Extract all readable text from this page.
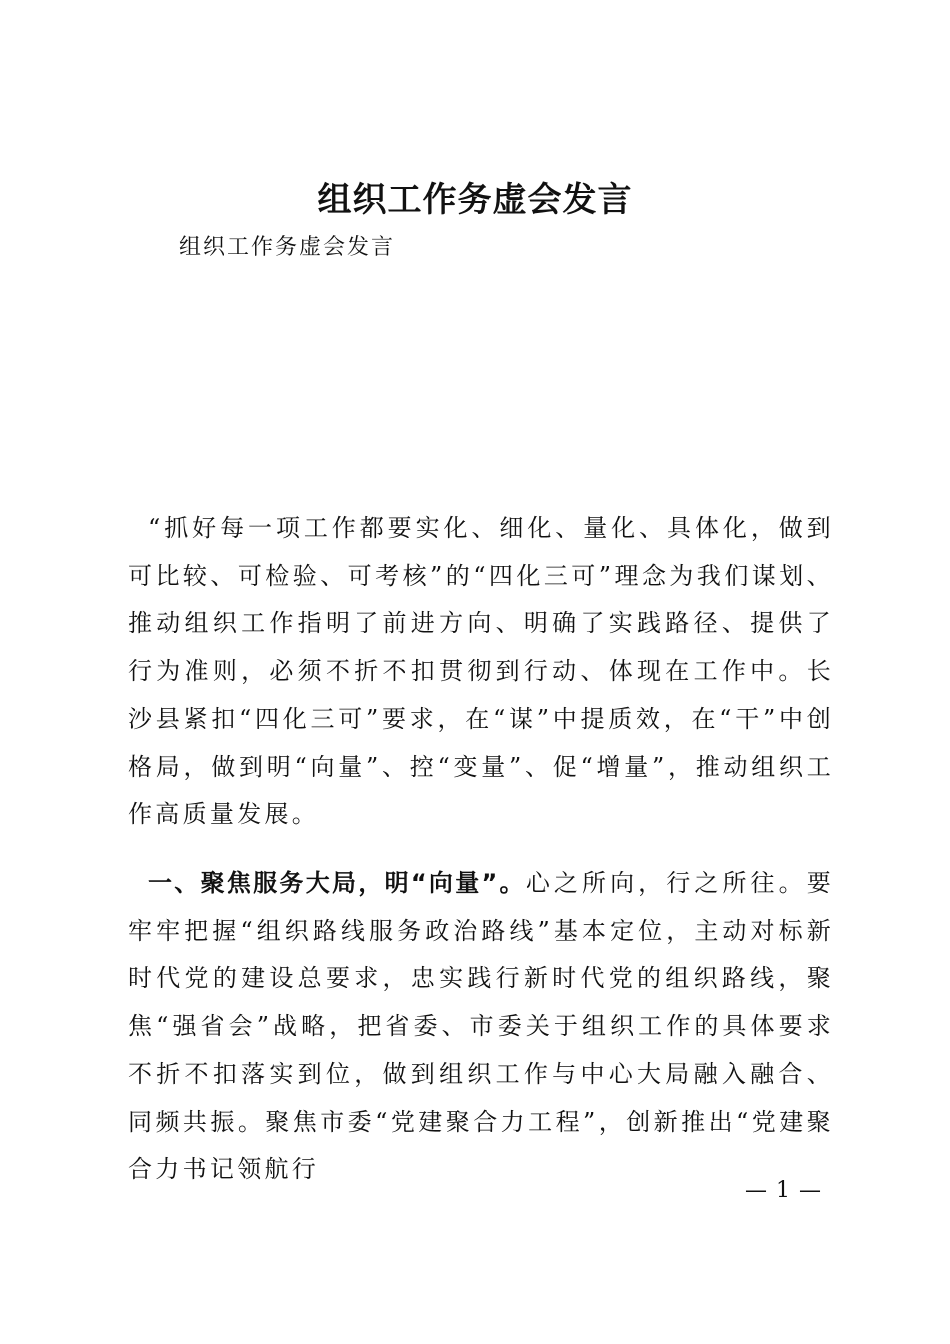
组织工作务虚会发言
组织工作务虚会发言

“抓好每一项工作都要实化、细化、量化、具体化，做到可比较、可检验、可考核”的“四化三可”理念为我们谋划、推动组织工作指明了前进方向、明确了实践路径、提供了行为准则，必须不折不扣贯彻到行动、体现在工作中。长沙县紧扣“四化三可”要求，在“谋”中提质效，在“干”中创格局，做到明“向量”、控“变量”、促“增量”，推动组织工作高质量发展。

一、聚焦服务大局，明“向量”。心之所向，行之所往。要牢牢把握“组织路线服务政治路线”基本定位，主动对标新时代党的建设总要求，忠实践行新时代党的组织路线，聚焦“强省会”战略，把省委、市委关于组织工作的具体要求不折不扣落实到位，做到组织工作与中心大局融入融合、同频共振。聚焦市委“党建聚合力工程”，创新推出“党建聚合力书记领航行

— 1 —
